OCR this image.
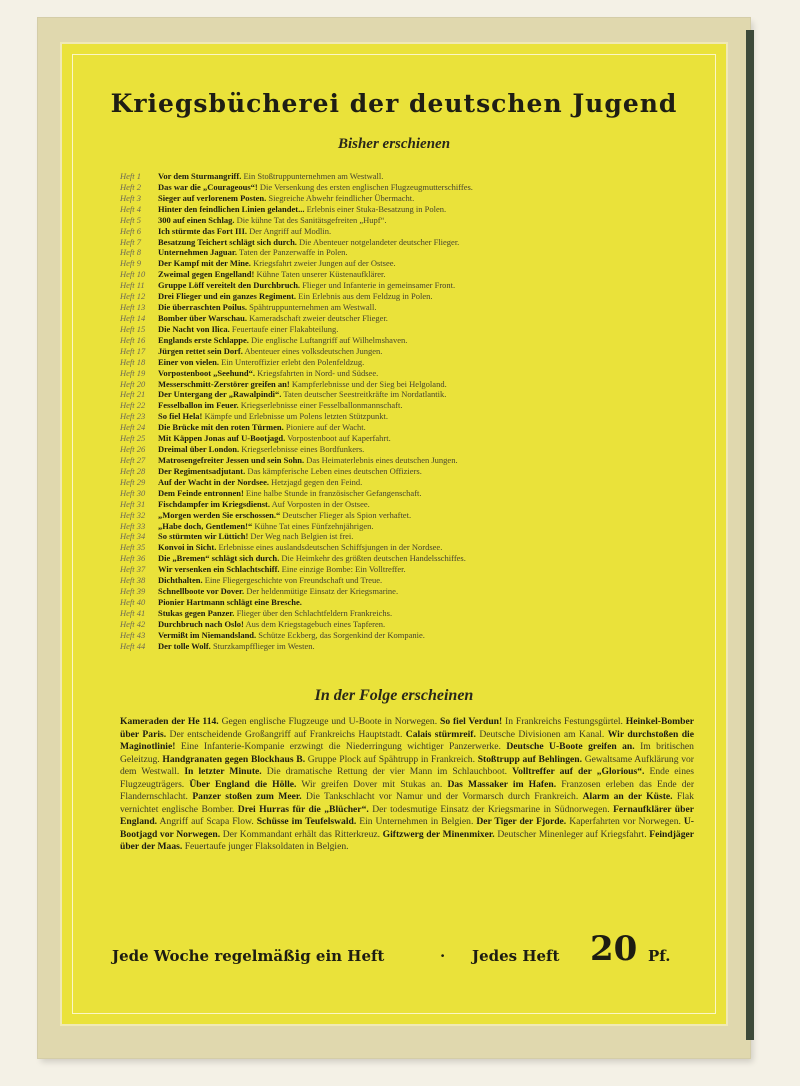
Kriegsbücherei der deutschen Jugend
Bisher erschienen
Heft 1 Vor dem Sturmangriff. Ein Stoßtruppunternehmen am Westwall.
Heft 2 Das war die „Courageous“! Die Versenkung des ersten englischen Flugzeugmutterschiffes.
Heft 3 Sieger auf verlorenem Posten. Siegreiche Abwehr feindlicher Übermacht.
Heft 4 Hinter den feindlichen Linien gelandet... Erlebnis einer Stuka-Besatzung in Polen.
Heft 5 300 auf einen Schlag. Die kühne Tat des Sanitätsgefreiten „Hupf“.
Heft 6 Ich stürmte das Fort III. Der Angriff auf Modlin.
Heft 7 Besatzung Teichert schlägt sich durch. Die Abenteuer notgelandeter deutscher Flieger.
Heft 8 Unternehmen Jaguar. Taten der Panzerwaffe in Polen.
Heft 9 Der Kampf mit der Mine. Kriegsfahrt zweier Jungen auf der Ostsee.
Heft 10 Zweimal gegen Engelland! Kühne Taten unserer Küstenaufklärer.
Heft 11 Gruppe Löff vereitelt den Durchbruch. Flieger und Infanterie in gemeinsamer Front.
Heft 12 Drei Flieger und ein ganzes Regiment. Ein Erlebnis aus dem Feldzug in Polen.
Heft 13 Die überraschten Poilus. Spähtruppunternehmen am Westwall.
Heft 14 Bomber über Warschau. Kameradschaft zweier deutscher Flieger.
Heft 15 Die Nacht von Ilica. Feuertaufe einer Flakabteilung.
Heft 16 Englands erste Schlappe. Die englische Luftangriff auf Wilhelmshaven.
Heft 17 Jürgen rettet sein Dorf. Abenteuer eines volksdeutschen Jungen.
Heft 18 Einer von vielen. Ein Unteroffizier erlebt den Polenfeldzug.
Heft 19 Vorpostenboot „Seehund“. Kriegsfahrten in Nord- und Südsee.
Heft 20 Messerschmitt-Zerstörer greifen an! Kampferlebnisse und der Sieg bei Helgoland.
Heft 21 Der Untergang der „Rawalpindi“. Taten deutscher Seestreitkräfte im Nordatlantik.
Heft 22 Fesselballon im Feuer. Kriegserlebnisse einer Fesselballonmannschaft.
Heft 23 So fiel Hela! Kämpfe und Erlebnisse um Polens letzten Stützpunkt.
Heft 24 Die Brücke mit den roten Türmen. Pioniere auf der Wacht.
Heft 25 Mit Käppen Jonas auf U-Bootjagd. Vorpostenboot auf Kaperfahrt.
Heft 26 Dreimal über London. Kriegserlebnisse eines Bordfunkers.
Heft 27 Matrosengefreiter Jessen und sein Sohn. Das Heimaterlebnis eines deutschen Jungen.
Heft 28 Der Regimentsadjutant. Das kämpferische Leben eines deutschen Offiziers.
Heft 29 Auf der Wacht in der Nordsee. Hetzjagd gegen den Feind.
Heft 30 Dem Feinde entronnen! Eine halbe Stunde in französischer Gefangenschaft.
Heft 31 Fischdampfer im Kriegsdienst. Auf Vorposten in der Ostsee.
Heft 32 „Morgen werden Sie erschossen.“ Deutscher Flieger als Spion verhaftet.
Heft 33 „Habe doch, Gentlemen!“ Kühne Tat eines Fünfzehnjährigen.
Heft 34 So stürmten wir Lüttich! Der Weg nach Belgien ist frei.
Heft 35 Konvoi in Sicht. Erlebnisse eines auslandsdeutschen Schiffsjungen in der Nordsee.
Heft 36 Die „Bremen“ schlägt sich durch. Die Heimkehr des größten deutschen Handelsschiffes.
Heft 37 Wir versenken ein Schlachtschiff. Eine einzige Bombe: Ein Volltreffer.
Heft 38 Dichthalten. Eine Fliegergeschichte von Freundschaft und Treue.
Heft 39 Schnellboote vor Dover. Der heldenmütige Einsatz der Kriegsmarine.
Heft 40 Pionier Hartmann schlägt eine Bresche.
Heft 41 Stukas gegen Panzer. Flieger über den Schlachtfeldern Frankreichs.
Heft 42 Durchbruch nach Oslo! Aus dem Kriegstagebuch eines Tapferen.
Heft 43 Vermißt im Niemandsland. Schütze Eckberg, das Sorgenkind der Kompanie.
Heft 44 Der tolle Wolf. Sturzkampfflieger im Westen.
In der Folge erscheinen
Kameraden der He 114. Gegen englische Flugzeuge und U-Boote in Norwegen. So fiel Verdun! In Frankreichs Festungsgürtel. Heinkel-Bomber über Paris. Der entscheidende Großangriff auf Frankreichs Hauptstadt. Calais stürmreif. Deutsche Divisionen am Kanal. Wir durchstoßen die Maginotlinie! Eine Infanterie-Kompanie erzwingt die Niederringung wichtiger Panzerwerke. Deutsche U-Boote greifen an. Im britischen Geleitzug. Handgranaten gegen Blockhaus B. Gruppe Plock auf Spähtrupp in Frankreich. Stoßtrupp auf Behlingen. Gewaltsame Aufklärung vor dem Westwall. In letzter Minute. Die dramatische Rettung der vier Mann im Schlauchboot. Volltreffer auf der „Glorious“. Ende eines Flugzeugträgers. Über England die Hölle. Wir greifen Dover mit Stukas an. Das Massaker im Hafen. Franzosen erleben das Ende der Flandernschlacht. Panzer stoßen zum Meer. Die Tankschlacht vor Namur und der Vormarsch durch Frankreich. Alarm an der Küste. Flak vernichtet englische Bomber. Drei Hurras für die „Blücher“. Der todesmutige Einsatz der Kriegsmarine in Südnorwegen. Fernaufklärer über England. Angriff auf Scapa Flow. Schüsse im Teufelswald. Ein Unternehmen in Belgien. Der Tiger der Fjorde. Kaperfahrten vor Norwegen. U-Bootjagd vor Norwegen. Der Kommandant erhält das Ritterkreuz. Giftzwerg der Minenmixer. Deutscher Minenleger auf Kriegsfahrt. Feindjäger über der Maas. Feuertaufe junger Flaksoldaten in Belgien.
Jede Woche regelmäßig ein Heft	· Jedes Heft 20 Pf.
